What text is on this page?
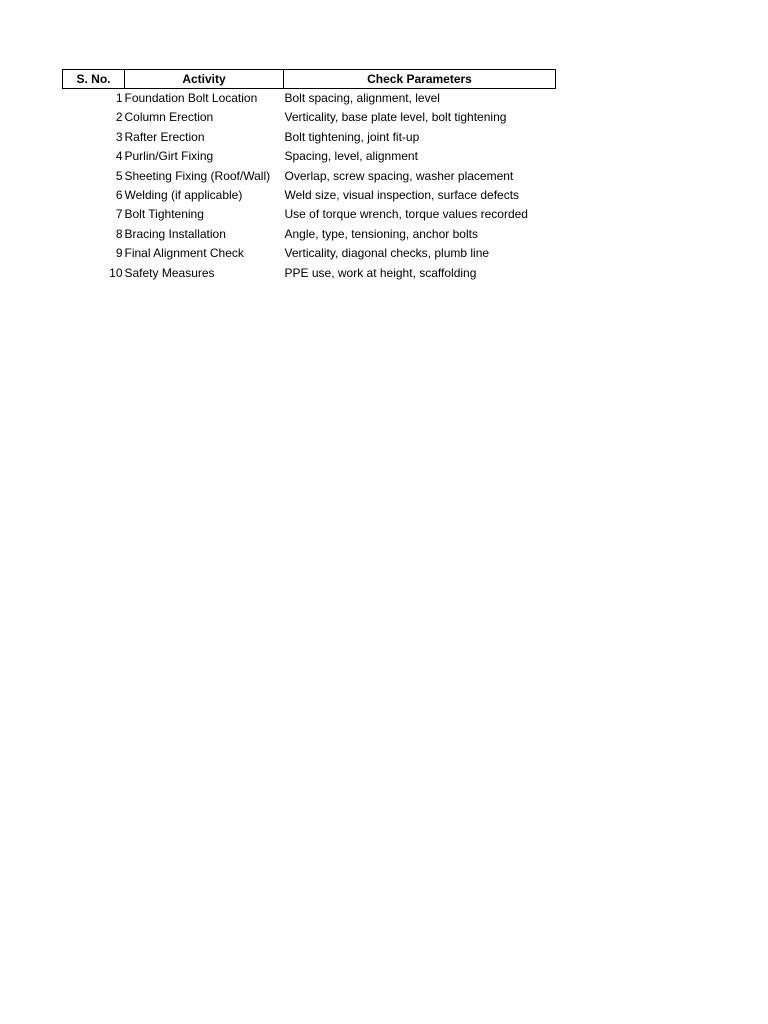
S. No.	Activity	Check Parameters
1	Foundation Bolt Location	Bolt spacing, alignment, level
2	Column Erection	Verticality, base plate level, bolt tightening
3	Rafter Erection	Bolt tightening, joint fit-up
4	Purlin/Girt Fixing	Spacing, level, alignment
5	Sheeting Fixing (Roof/Wall)	Overlap, screw spacing, washer placement
6	Welding (if applicable)	Weld size, visual inspection, surface defects
7	Bolt Tightening	Use of torque wrench, torque values recorded
8	Bracing Installation	Angle, type, tensioning, anchor bolts
9	Final Alignment Check	Verticality, diagonal checks, plumb line
10	Safety Measures	PPE use, work at height, scaffolding
